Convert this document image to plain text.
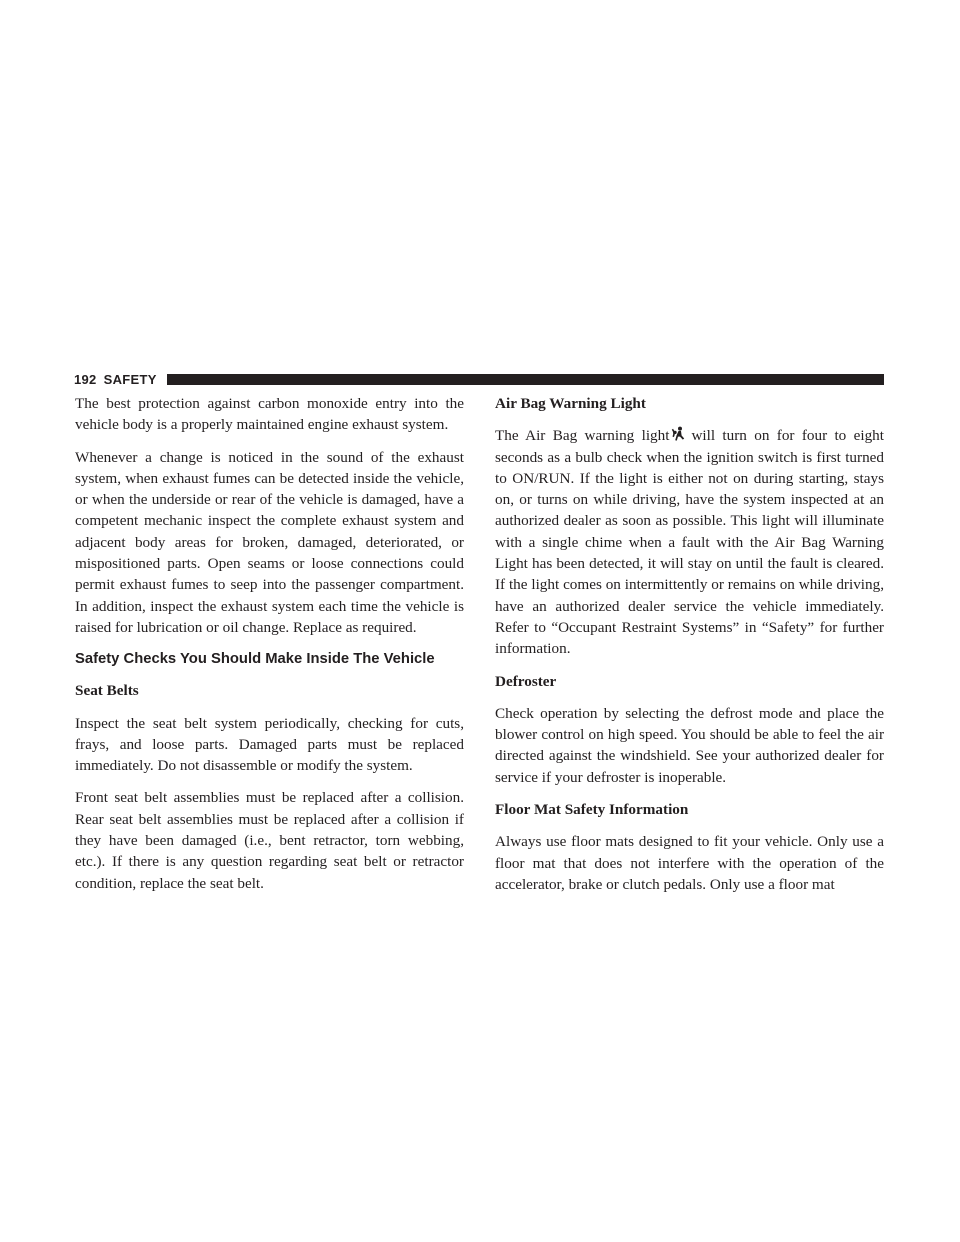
192 SAFETY

The best protection against carbon monoxide entry into the vehicle body is a properly maintained engine exhaust system.

Whenever a change is noticed in the sound of the exhaust system, when exhaust fumes can be detected inside the vehicle, or when the underside or rear of the vehicle is damaged, have a competent mechanic inspect the complete exhaust system and adjacent body areas for broken, damaged, deteriorated, or mispositioned parts. Open seams or loose connections could permit exhaust fumes to seep into the passenger compartment. In addition, inspect the exhaust system each time the vehicle is raised for lubrication or oil change. Replace as required.

Safety Checks You Should Make Inside The Vehicle
Seat Belts

Inspect the seat belt system periodically, checking for cuts, frays, and loose parts. Damaged parts must be replaced immediately. Do not disassemble or modify the system.

Front seat belt assemblies must be replaced after a collision. Rear seat belt assemblies must be replaced after a collision if they have been damaged (i.e., bent retractor, torn webbing, etc.). If there is any question regarding seat belt or retractor condition, replace the seat belt.

Air Bag Warning Light

The Air Bag warning light will turn on for four to eight seconds as a bulb check when the ignition switch is first turned to ON/RUN. If the light is either not on during starting, stays on, or turns on while driving, have the system inspected at an authorized dealer as soon as possible. This light will illuminate with a single chime when a fault with the Air Bag Warning Light has been detected, it will stay on until the fault is cleared. If the light comes on intermittently or remains on while driving, have an authorized dealer service the vehicle immediately. Refer to “Occupant Restraint Systems” in “Safety” for further information.

Defroster

Check operation by selecting the defrost mode and place the blower control on high speed. You should be able to feel the air directed against the windshield. See your authorized dealer for service if your defroster is inoperable.

Floor Mat Safety Information

Always use floor mats designed to fit your vehicle. Only use a floor mat that does not interfere with the operation of the accelerator, brake or clutch pedals. Only use a floor mat
